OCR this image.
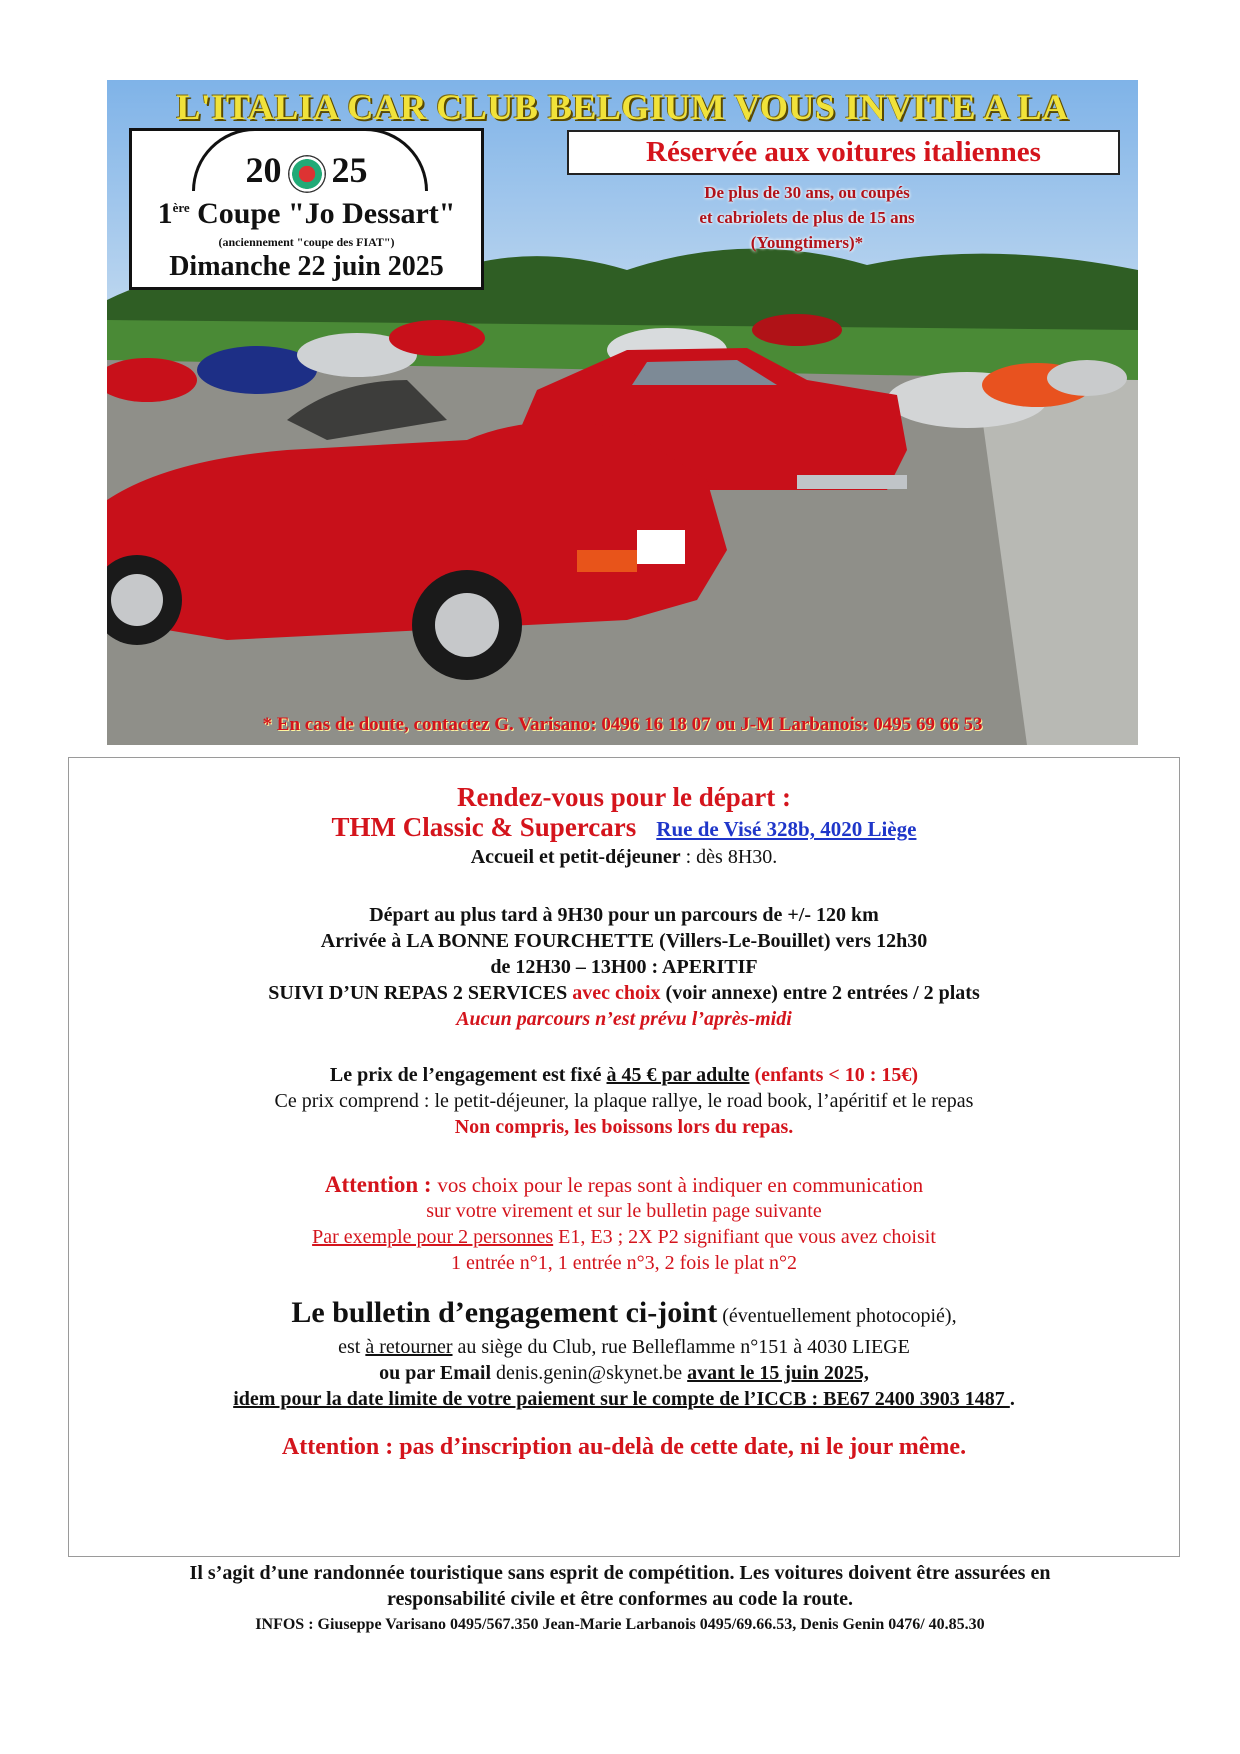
L'ITALIA CAR CLUB BELGIUM VOUS INVITE A LA
20 25
1ère Coupe "Jo Dessart"
(anciennement "coupe des FIAT")
Dimanche 22 juin 2025
Réservée aux voitures italiennes
De plus de 30 ans, ou coupés
et cabriolets de plus de 15 ans
(Youngtimers)*
* En cas de doute, contactez G. Varisano: 0496 16 18 07 ou J-M Larbanois: 0495 69 66 53
Rendez-vous pour le départ :
THM Classic & Supercars Rue de Visé 328b, 4020 Liège
Accueil et petit-déjeuner : dès 8H30.
Départ au plus tard à 9H30 pour un parcours de +/- 120 km
Arrivée à LA BONNE FOURCHETTE (Villers-Le-Bouillet) vers 12h30
de 12H30 – 13H00 : APERITIF
SUIVI D’UN REPAS 2 SERVICES avec choix (voir annexe) entre 2 entrées / 2 plats
Aucun parcours n’est prévu l’après-midi
Le prix de l’engagement est fixé à 45 € par adulte (enfants < 10 : 15€)
Ce prix comprend : le petit-déjeuner, la plaque rallye, le road book, l’apéritif et le repas
Non compris, les boissons lors du repas.
Attention : vos choix pour le repas sont à indiquer en communication
sur votre virement et sur le bulletin page suivante
Par exemple pour 2 personnes E1, E3 ; 2X P2 signifiant que vous avez choisit
1 entrée n°1, 1 entrée n°3, 2 fois le plat n°2
Le bulletin d’engagement ci-joint (éventuellement photocopié),
est à retourner au siège du Club, rue Belleflamme n°151 à 4030 LIEGE
ou par Email denis.genin@skynet.be avant le 15 juin 2025,
idem pour la date limite de votre paiement sur le compte de l’ICCB : BE67 2400 3903 1487 .
Attention : pas d’inscription au-delà de cette date, ni le jour même.
Il s’agit d’une randonnée touristique sans esprit de compétition. Les voitures doivent être assurées en
responsabilité civile et être conformes au code la route.
INFOS : Giuseppe Varisano 0495/567.350 Jean-Marie Larbanois 0495/69.66.53, Denis Genin 0476/ 40.85.30
